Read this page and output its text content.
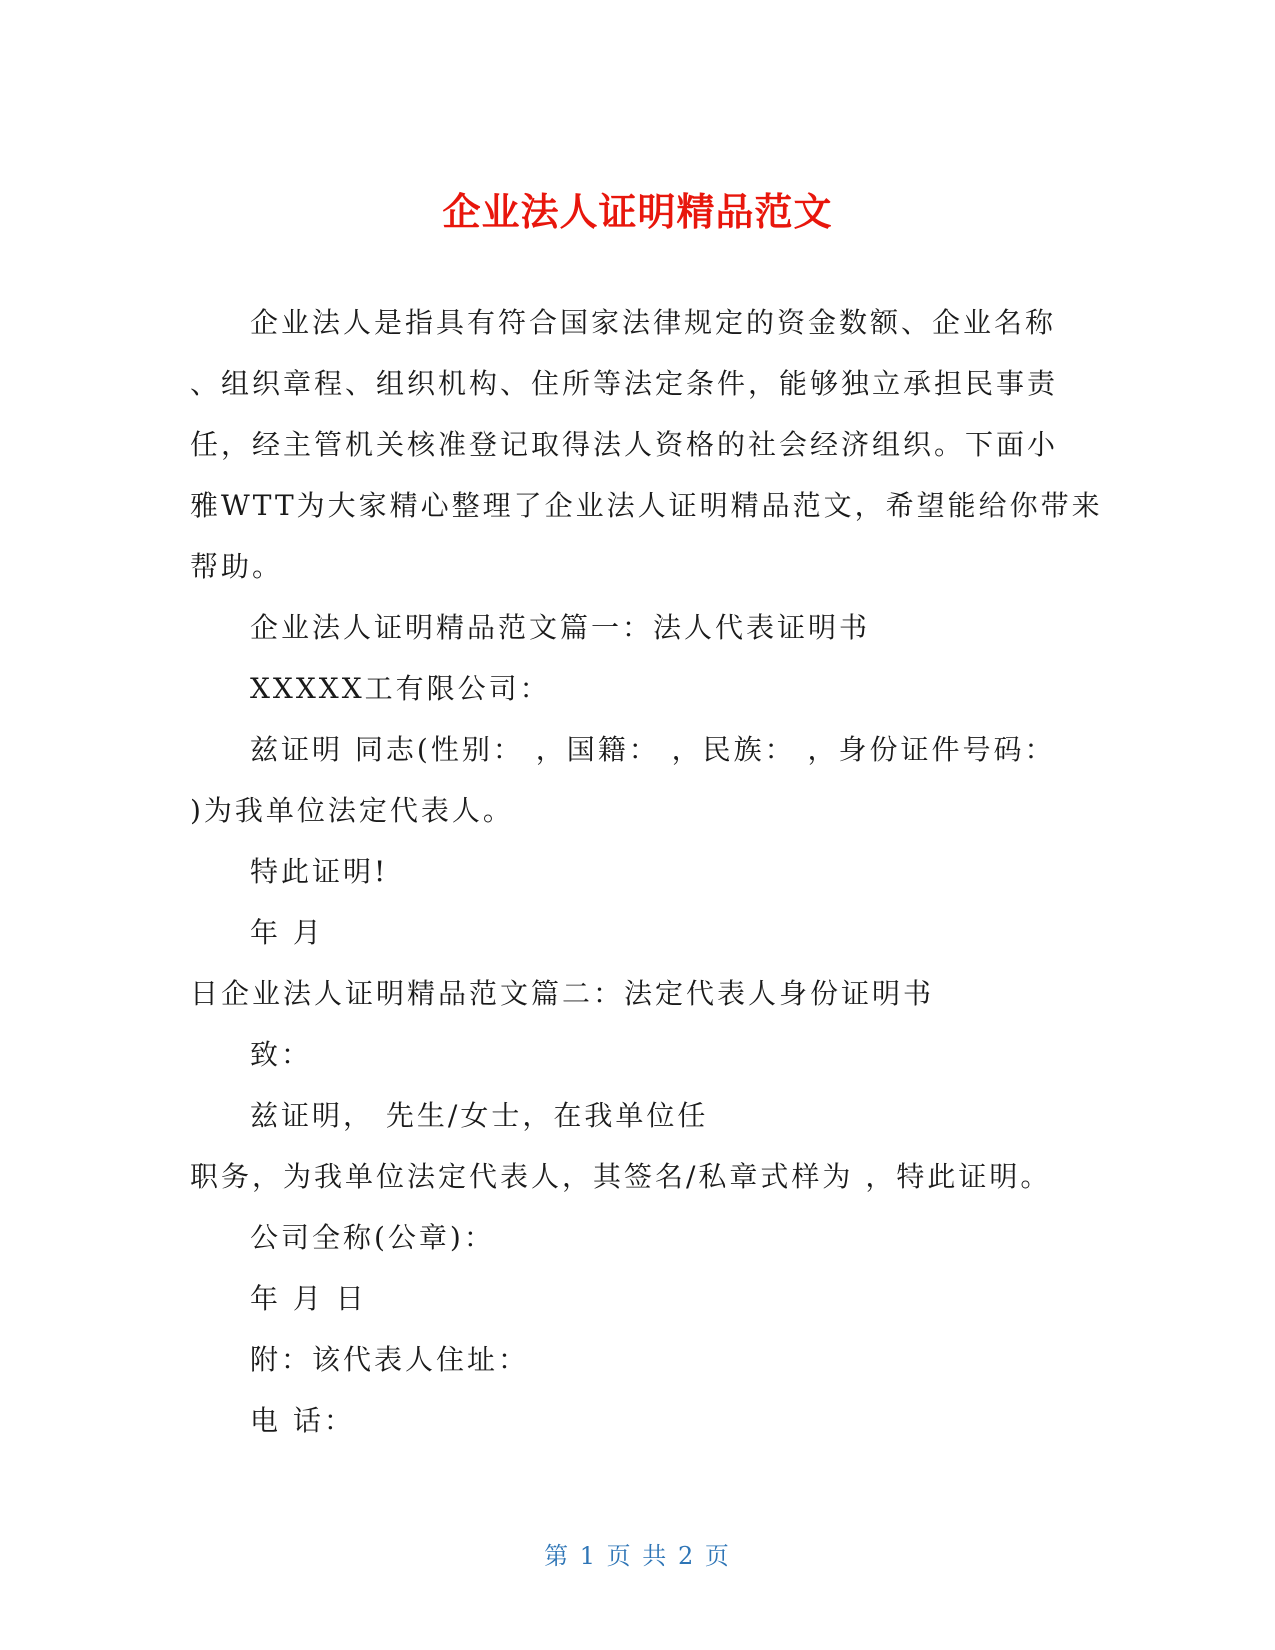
企业法人证明精品范文

企业法人是指具有符合国家法律规定的资金数额、企业名称

、组织章程、组织机构、住所等法定条件，能够独立承担民事责

任，经主管机关核准登记取得法人资格的社会经济组织。下面小

雅WTT为大家精心整理了企业法人证明精品范文，希望能给你带来

帮助。

企业法人证明精品范文篇一：法人代表证明书

XXXXX工有限公司：

兹证明 同志(性别： ，国籍： ，民族： ，身份证件号码：

)为我单位法定代表人。

特此证明!

年 月

日企业法人证明精品范文篇二：法定代表人身份证明书

致：

兹证明， 先生/女士，在我单位任

职务，为我单位法定代表人，其签名/私章式样为 ，特此证明。

公司全称(公章)：

年 月 日

附：该代表人住址：

电 话：

第 1 页 共 2 页
